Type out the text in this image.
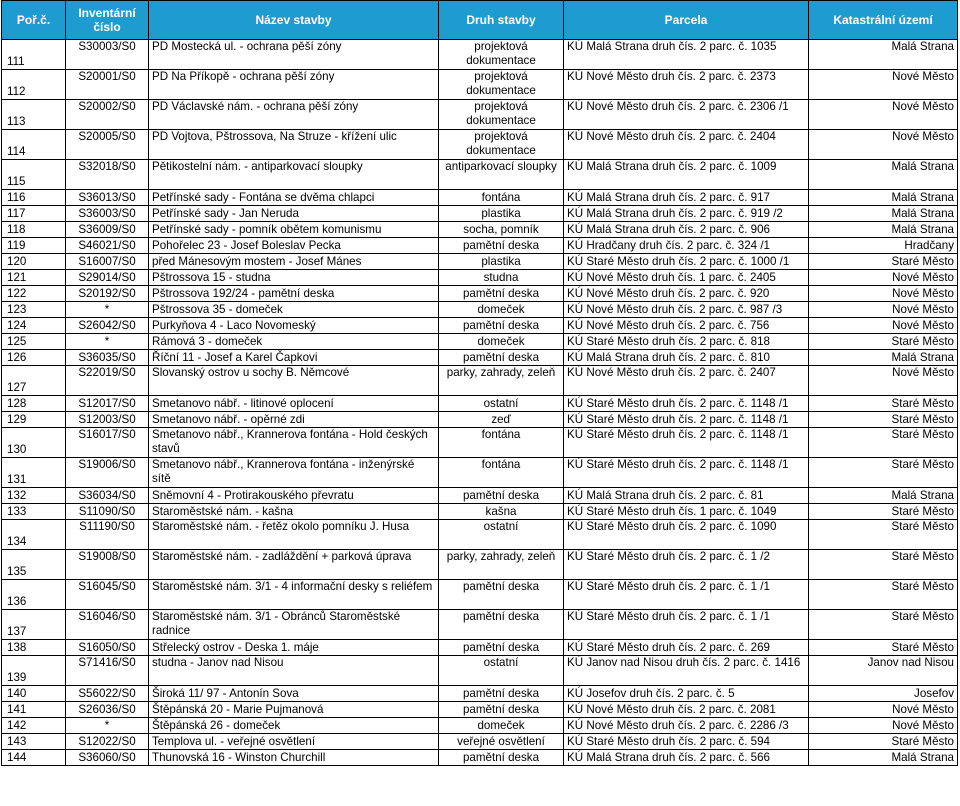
Poř.č.	Inventární číslo	Název stavby	Druh stavby	Parcela	Katastrální území
111	S30003/S0	PD Mostecká ul. - ochrana pěší zóny	projektová dokumentace	KÚ Malá Strana druh čís. 2 parc. č. 1035	Malá Strana
112	S20001/S0	PD Na Příkopě - ochrana pěší zóny	projektová dokumentace	KÚ Nové Město druh čís. 2 parc. č. 2373	Nové Město
113	S20002/S0	PD Václavské nám. - ochrana pěší zóny	projektová dokumentace	KÚ Nové Město druh čís. 2 parc. č. 2306 /1	Nové Město
114	S20005/S0	PD Vojtova, Pštrossova, Na Struze - křížení ulic	projektová dokumentace	KÚ Nové Město druh čís. 2 parc. č. 2404	Nové Město
115	S32018/S0	Pětikostelní nám. - antiparkovací sloupky	antiparkovací sloupky	KÚ Malá Strana druh čís. 2 parc. č. 1009	Malá Strana
116	S36013/S0	Petřínské sady - Fontána se dvěma chlapci	fontána	KÚ Malá Strana druh čís. 2 parc. č. 917	Malá Strana
117	S36003/S0	Petřínské sady - Jan Neruda	plastika	KÚ Malá Strana druh čís. 2 parc. č. 919 /2	Malá Strana
118	S36009/S0	Petřínské sady - pomník obětem komunismu	socha, pomník	KÚ Malá Strana druh čís. 2 parc. č. 906	Malá Strana
119	S46021/S0	Pohořelec 23 - Josef Boleslav Pecka	pamětní deska	KÚ Hradčany druh čís. 2 parc. č. 324 /1	Hradčany
120	S16007/S0	před Mánesovým mostem - Josef Mánes	plastika	KÚ Staré Město druh čís. 2 parc. č. 1000 /1	Staré Město
121	S29014/S0	Pštrossova 15 - studna	studna	KÚ Nové Město druh čís. 1 parc. č. 2405	Nové Město
122	S20192/S0	Pštrossova 192/24 - pamětní deska	pamětní deska	KÚ Nové Město druh čís. 2 parc. č. 920	Nové Město
123	*	Pštrossova 35 - domeček	domeček	KÚ Nové Město druh čís. 2 parc. č. 987 /3	Nové Město
124	S26042/S0	Purkyňova 4 - Laco Novomeský	pamětní deska	KÚ Nové Město druh čís. 2 parc. č. 756	Nové Město
125	*	Rámová 3 - domeček	domeček	KÚ Staré Město druh čís. 2 parc. č. 818	Staré Město
126	S36035/S0	Říční 11 - Josef a Karel Čapkovi	pamětní deska	KÚ Malá Strana druh čís. 2 parc. č. 810	Malá Strana
127	S22019/S0	Slovanský ostrov u sochy B. Němcové	parky, zahrady, zeleň	KÚ Nové Město druh čís. 2 parc. č. 2407	Nové Město
128	S12017/S0	Smetanovo nábř. - litinové oplocení	ostatní	KÚ Staré Město druh čís. 2 parc. č. 1148 /1	Staré Město
129	S12003/S0	Smetanovo nábř. - opěrné zdi	zeď	KÚ Staré Město druh čís. 2 parc. č. 1148 /1	Staré Město
130	S16017/S0	Smetanovo nábř., Krannerova fontána - Hold českých stavů	fontána	KÚ Staré Město druh čís. 2 parc. č. 1148 /1	Staré Město
131	S19006/S0	Smetanovo nábř., Krannerova fontána - inženýrské sítě	fontána	KÚ Staré Město druh čís. 2 parc. č. 1148 /1	Staré Město
132	S36034/S0	Sněmovní 4 - Protirakouského převratu	pamětní deska	KÚ Malá Strana druh čís. 2 parc. č. 81	Malá Strana
133	S11090/S0	Staroměstské nám. - kašna	kašna	KÚ Staré Město druh čís. 1 parc. č. 1049	Staré Město
134	S11190/S0	Staroměstské nám. - řetěz okolo pomníku J. Husa	ostatní	KÚ Staré Město druh čís. 2 parc. č. 1090	Staré Město
135	S19008/S0	Staroměstské nám. - zadláždění + parková úprava	parky, zahrady, zeleň	KÚ Staré Město druh čís. 2 parc. č. 1 /2	Staré Město
136	S16045/S0	Staroměstské nám. 3/1 - 4 informační desky s reliéfem	pamětní deska	KÚ Staré Město druh čís. 2 parc. č. 1 /1	Staré Město
137	S16046/S0	Staroměstské nám. 3/1 - Obránců Staroměstské radnice	pamětní deska	KÚ Staré Město druh čís. 2 parc. č. 1 /1	Staré Město
138	S16050/S0	Střelecký ostrov - Deska 1. máje	pamětní deska	KÚ Staré Město druh čís. 2 parc. č. 269	Staré Město
139	S71416/S0	studna - Janov nad Nisou	ostatní	KÚ Janov nad Nisou druh čís. 2 parc. č. 1416	Janov nad Nisou
140	S56022/S0	Široká 11/ 97 - Antonín Sova	pamětní deska	KÚ Josefov druh čís. 2 parc. č. 5	Josefov
141	S26036/S0	Štěpánská 20 - Marie Pujmanová	pamětní deska	KÚ Nové Město druh čís. 2 parc. č. 2081	Nové Město
142	*	Štěpánská 26 - domeček	domeček	KÚ Nové Město druh čís. 2 parc. č. 2286 /3	Nové Město
143	S12022/S0	Templova ul. - veřejné osvětlení	veřejné osvětlení	KÚ Staré Město druh čís. 2 parc. č. 594	Staré Město
144	S36060/S0	Thunovská 16 - Winston Churchill	pamětní deska	KÚ Malá Strana druh čís. 2 parc. č. 566	Malá Strana
